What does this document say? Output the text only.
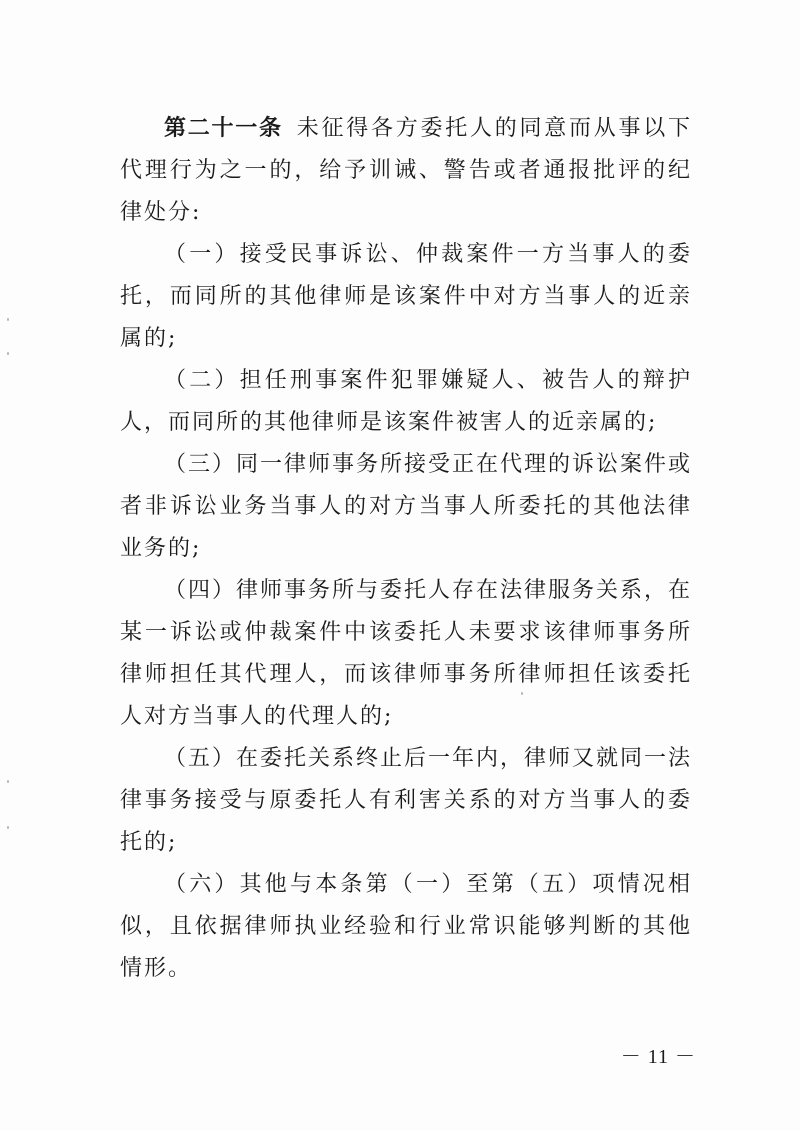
第二十一条 未征得各方委托人的同意而从事以下代理行为之一的，给予训诫、警告或者通报批评的纪律处分:

（一）接受民事诉讼、仲裁案件一方当事人的委托，而同所的其他律师是该案件中对方当事人的近亲属的;

（二）担任刑事案件犯罪嫌疑人、被告人的辩护人，而同所的其他律师是该案件被害人的近亲属的;

（三）同一律师事务所接受正在代理的诉讼案件或者非诉讼业务当事人的对方当事人所委托的其他法律业务的;

（四）律师事务所与委托人存在法律服务关系，在某一诉讼或仲裁案件中该委托人未要求该律师事务所律师担任其代理人，而该律师事务所律师担任该委托人对方当事人的代理人的;

（五）在委托关系终止后一年内，律师又就同一法律事务接受与原委托人有利害关系的对方当事人的委托的;

（六）其他与本条第（一）至第（五）项情况相似，且依据律师执业经验和行业常识能够判断的其他情形。

－ 11 －
